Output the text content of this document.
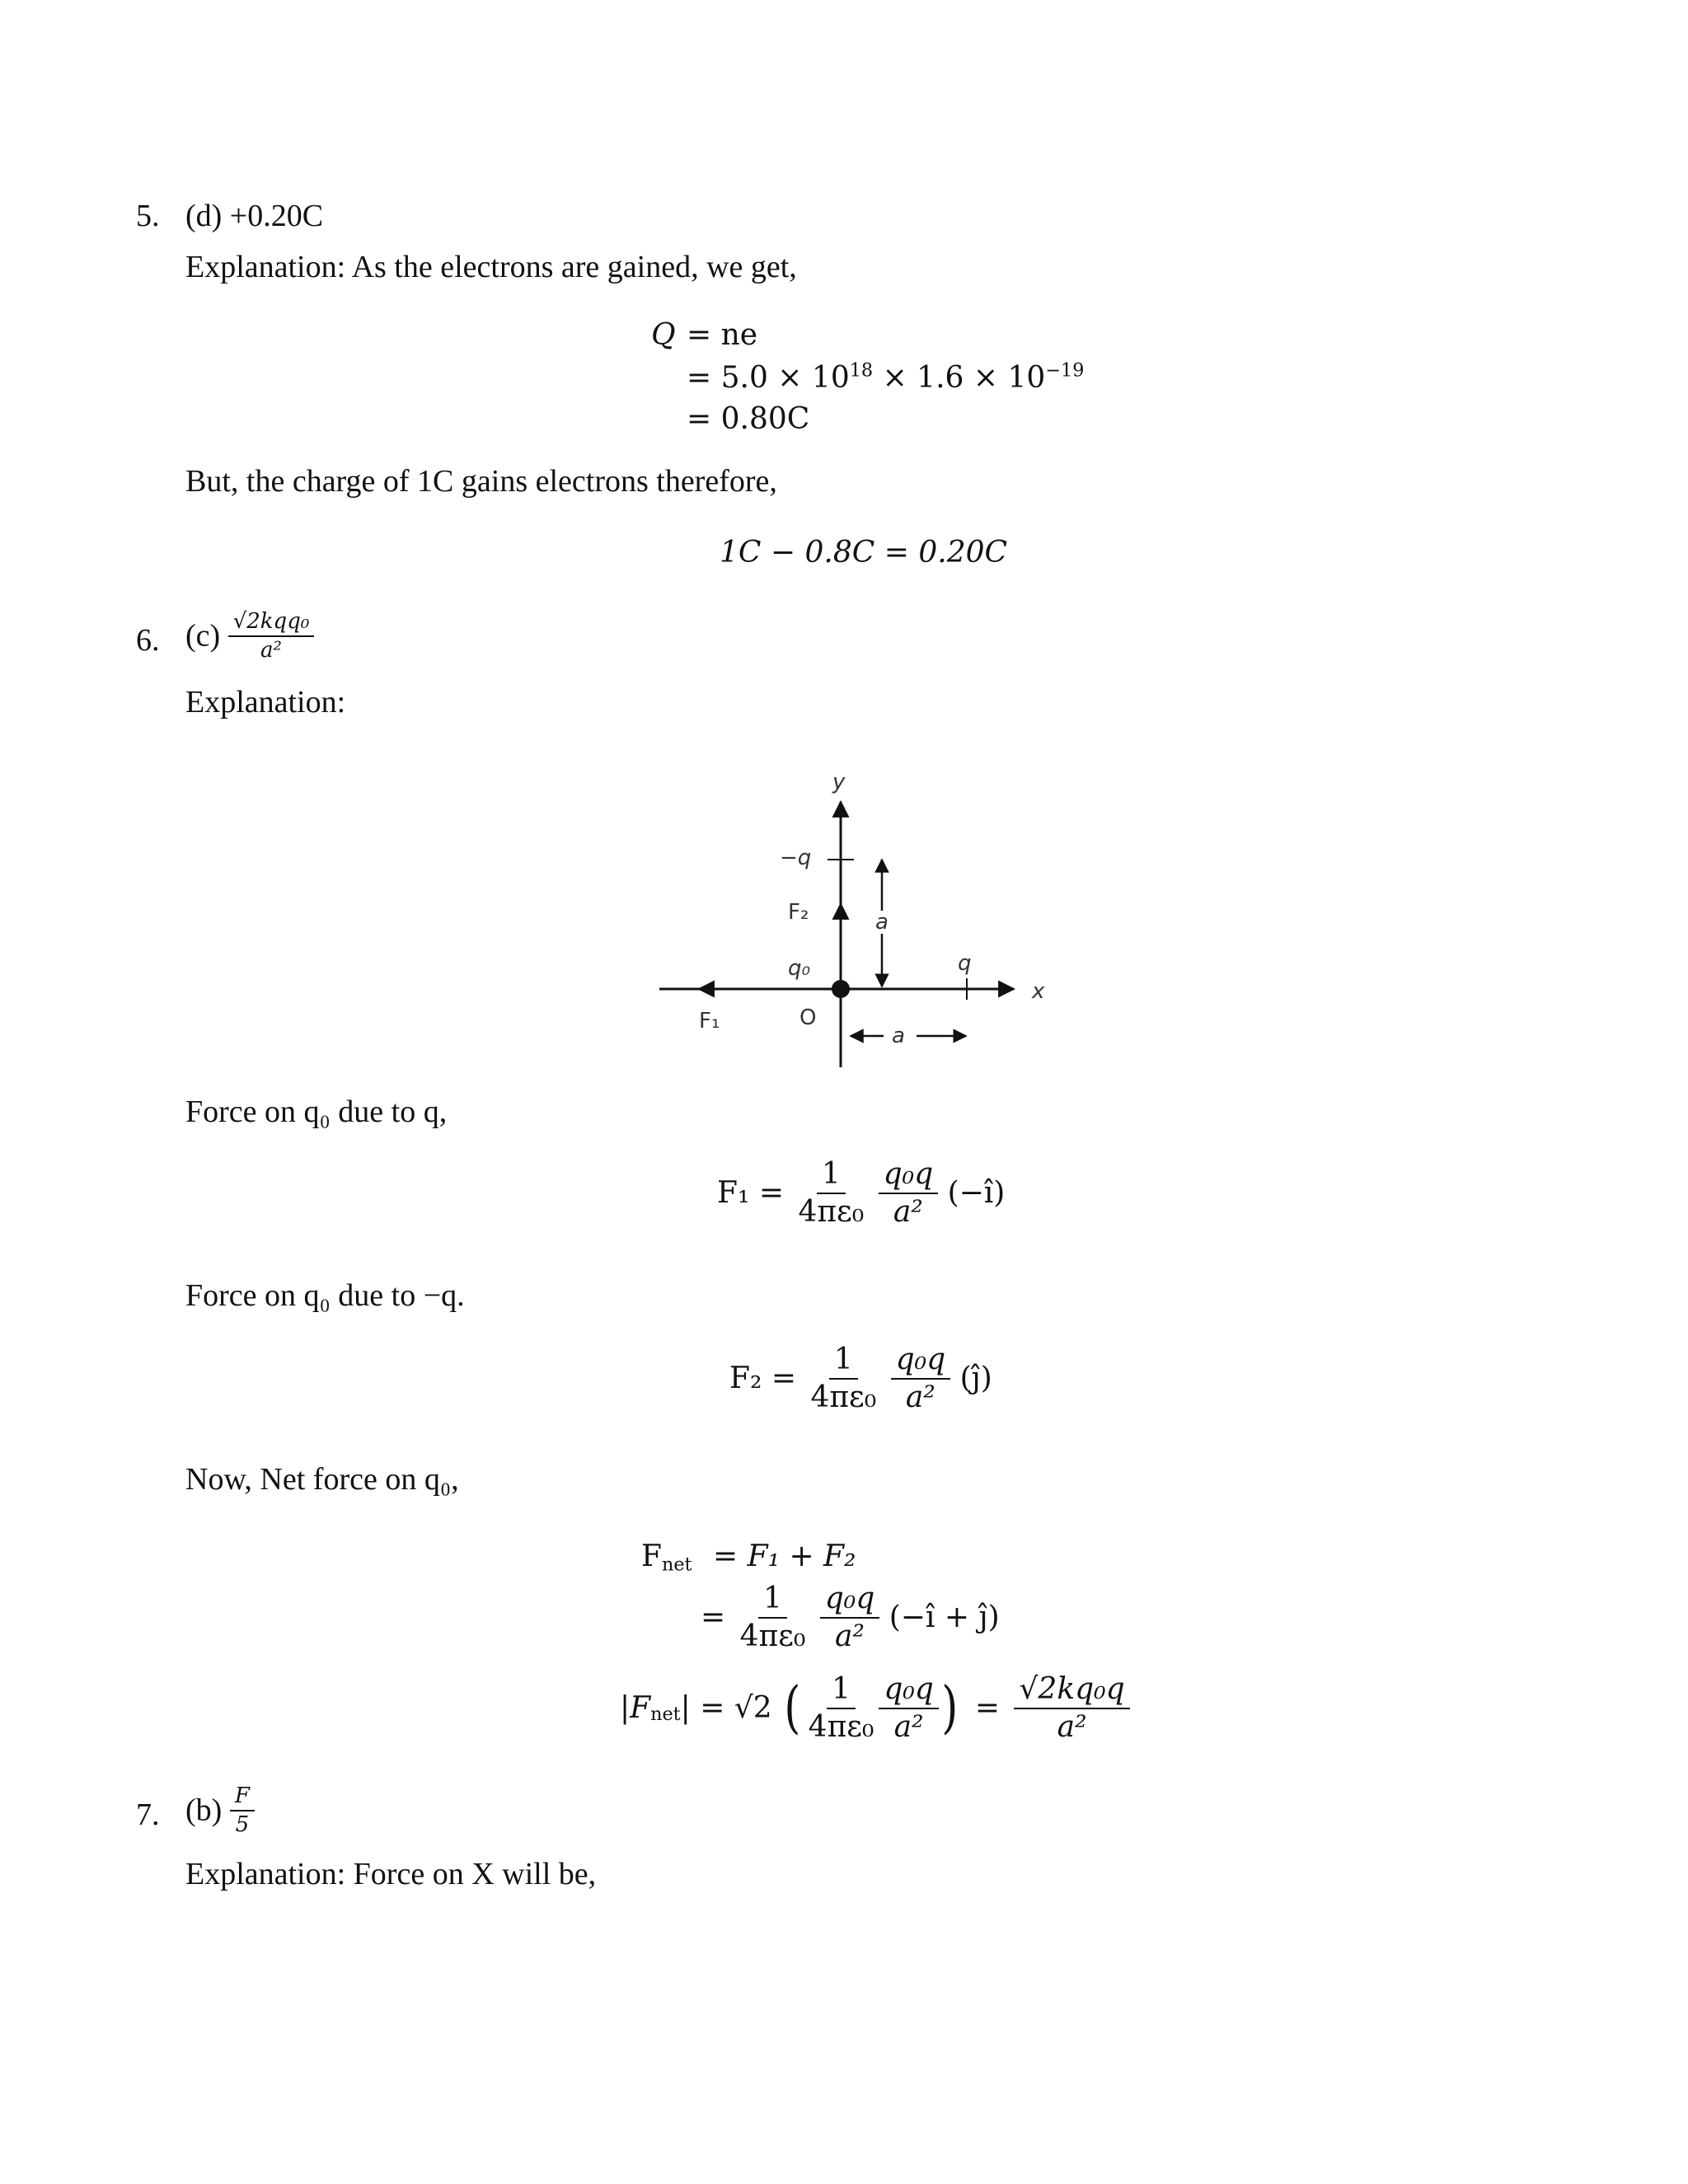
5. (d) +0.20C
Explanation: As the electrons are gained, we get,
Q = ne
= $5.0 \times 10^{18} \times 1.6 \times 10^{-19}$
= 0.80C
But, the charge of 1C gains electrons therefore,
1C − 0.8C = 0.20C
6. $(c) \frac{\text{√2kqq₀}}{\text{a²}}$
Explanation:
y
x
−q
F₂	a
q₀	q
F₁	O
a
Force on q₀ due to q,
$F_1 = \frac{1}{\text{4πε₀}}$
$\frac{\text{q₀q}}{\text{a²}}$ (−î)
Force on q₀ due to −q.
$F_2 = \frac{1}{\text{4πε₀}}$
$\frac{\text{q₀q}}{\text{a²}}$ (ĵ)
Now, Net force on q₀,
$F_{net} = F_1 + F_2$
= $\frac{1}{\text{4πε₀}}$
$\frac{\text{q₀q}}{\text{a²}}$ (−î + ĵ)
$|F_{net}| = √2$ ( $\frac{1}{\text{4πε₀}} \frac{\text{q₀q}}{\text{a²}}$ ) = $\frac{\text{√2kq₀q}}{\text{a²}}$
7. $(b) \frac{F}{5}$
Explanation: Force on X will be,
